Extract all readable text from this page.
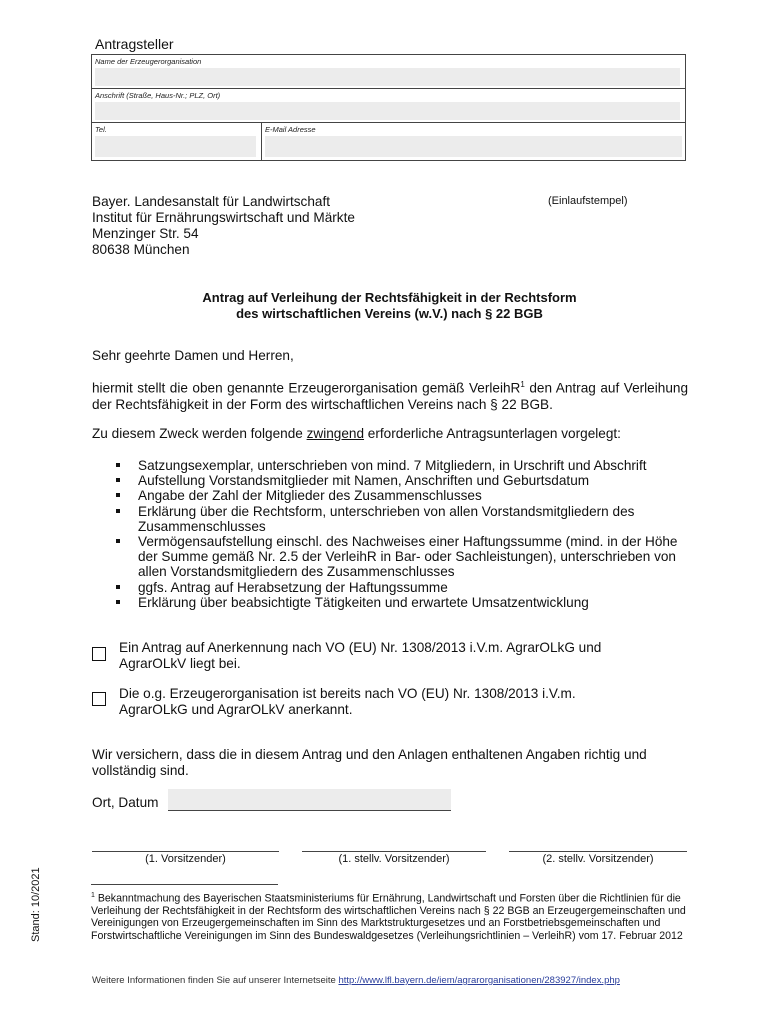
Antragsteller
Name der Erzeugerorganisation
Anschrift (Straße, Haus-Nr.; PLZ, Ort)
Tel.	E-Mail Adresse
Bayer. Landesanstalt für Landwirtschaft
Institut für Ernährungswirtschaft und Märkte
Menzinger Str. 54
80638 München
(Einlaufstempel)
Antrag auf Verleihung der Rechtsfähigkeit in der Rechtsform
des wirtschaftlichen Vereins (w.V.) nach § 22 BGB
Sehr geehrte Damen und Herren,
hiermit stellt die oben genannte Erzeugerorganisation gemäß VerleihR$^1$ den Antrag auf Verleihung der Rechtsfähigkeit in der Form des wirtschaftlichen Vereins nach § 22 BGB.
Zu diesem Zweck werden folgende zwingend erforderliche Antragsunterlagen vorgelegt:
Satzungsexemplar, unterschrieben von mind. 7 Mitgliedern, in Urschrift und Abschrift
Aufstellung Vorstandsmitglieder mit Namen, Anschriften und Geburtsdatum
Angabe der Zahl der Mitglieder des Zusammenschlusses
Erklärung über die Rechtsform, unterschrieben von allen Vorstandsmitgliedern des Zusammenschlusses
Vermögensaufstellung einschl. des Nachweises einer Haftungssumme (mind. in der Höhe der Summe gemäß Nr. 2.5 der VerleihR in Bar- oder Sachleistungen), unterschrieben von allen Vorstandsmitgliedern des Zusammenschlusses
ggfs. Antrag auf Herabsetzung der Haftungssumme
Erklärung über beabsichtigte Tätigkeiten und erwartete Umsatzentwicklung
Ein Antrag auf Anerkennung nach VO (EU) Nr. 1308/2013 i.V.m. AgrarOLkG und AgrarOLkV liegt bei.
Die o.g. Erzeugerorganisation ist bereits nach VO (EU) Nr. 1308/2013 i.V.m. AgrarOLkG und AgrarOLkV anerkannt.
Wir versichern, dass die in diesem Antrag und den Anlagen enthaltenen Angaben richtig und vollständig sind.
Ort, Datum
(1. Vorsitzender)	(1. stellv. Vorsitzender)	(2. stellv. Vorsitzender)
$^1$ Bekanntmachung des Bayerischen Staatsministeriums für Ernährung, Landwirtschaft und Forsten über die Richtlinien für die Verleihung der Rechtsfähigkeit in der Rechtsform des wirtschaftlichen Vereins nach § 22 BGB an Erzeugergemeinschaften und Vereinigungen von Erzeugergemeinschaften im Sinn des Marktstrukturgesetzes und an Forstbetriebsgemeinschaften und Forstwirtschaftliche Vereinigungen im Sinn des Bundeswaldgesetzes (Verleihungsrichtlinien – VerleihR) vom 17. Februar 2012
Stand: 10/2021
Weitere Informationen finden Sie auf unserer Internetseite http://www.lfl.bayern.de/iem/agrarorganisationen/283927/index.php
